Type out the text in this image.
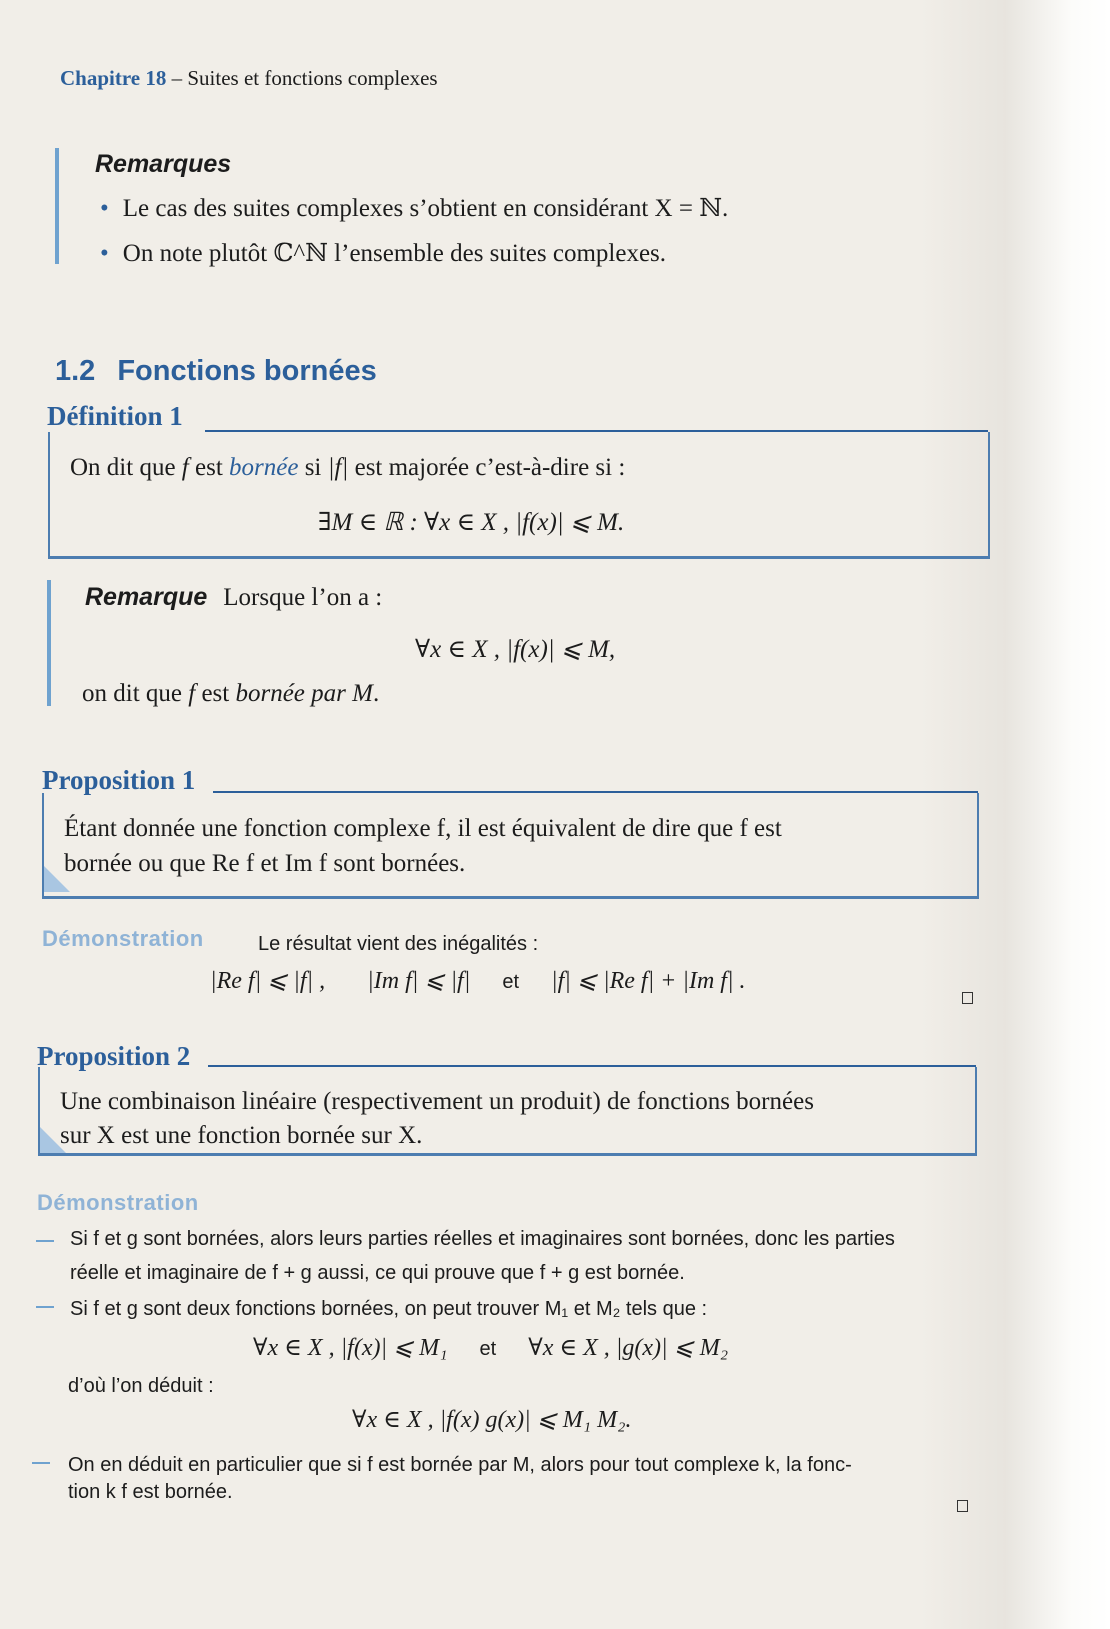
Chapitre 18 – Suites et fonctions complexes
Remarques
• Le cas des suites complexes s’obtient en considérant X = ℕ.
• On note plutôt ℂ^ℕ l’ensemble des suites complexes.
1.2 Fonctions bornées
Définition 1
On dit que f est bornée si |f| est majorée c’est-à-dire si :
∃M ∈ ℝ : ∀x ∈ X , |f(x)| ⩽ M.
Remarque Lorsque l’on a :
∀x ∈ X , |f(x)| ⩽ M,
on dit que f est bornée par M.
Proposition 1
Étant donnée une fonction complexe f, il est équivalent de dire que f est
bornée ou que Re f et Im f sont bornées.
Démonstration	Le résultat vient des inégalités :
|Re f| ⩽ |f| , |Im f| ⩽ |f| et |f| ⩽ |Re f| + |Im f| .
Proposition 2
Une combinaison linéaire (respectivement un produit) de fonctions bornées
sur X est une fonction bornée sur X.
Démonstration
Si f et g sont bornées, alors leurs parties réelles et imaginaires sont bornées, donc les parties
réelle et imaginaire de f + g aussi, ce qui prouve que f + g est bornée.
Si f et g sont deux fonctions bornées, on peut trouver M₁ et M₂ tels que :
∀x ∈ X , |f(x)| ⩽ M₁ et ∀x ∈ X , |g(x)| ⩽ M₂
d’où l’on déduit :
∀x ∈ X , |f(x) g(x)| ⩽ M₁ M₂.
On en déduit en particulier que si f est bornée par M, alors pour tout complexe k, la fonc-
tion k f est bornée.
